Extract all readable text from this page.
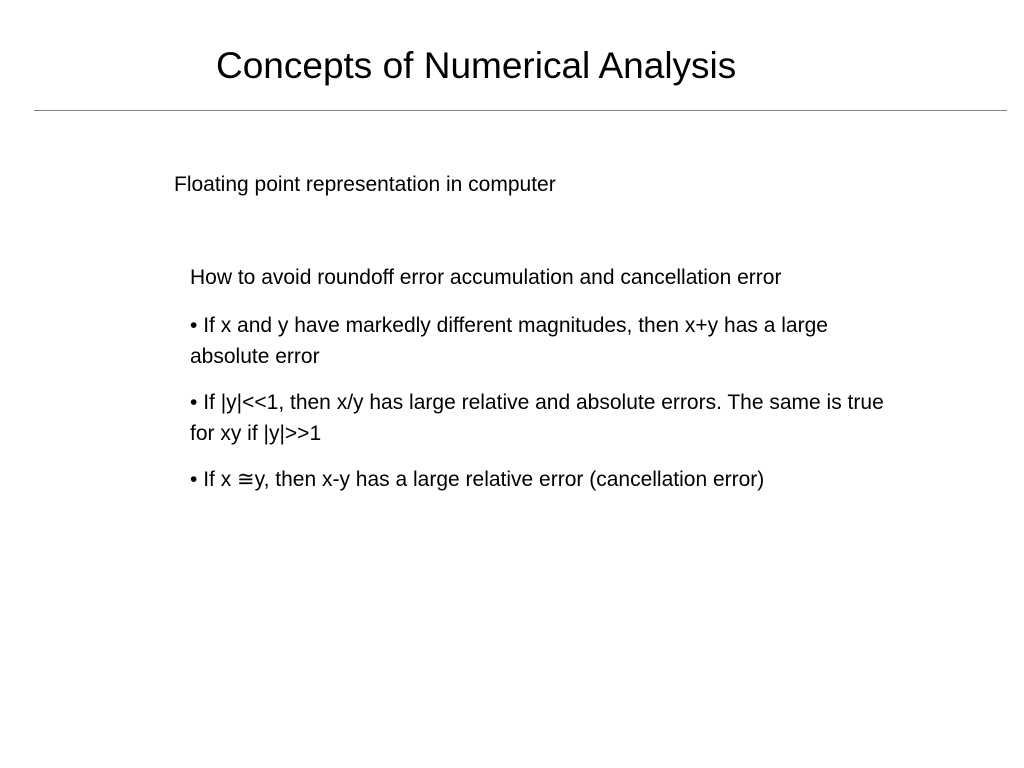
Concepts of Numerical Analysis
Floating point representation in computer

How to avoid roundoff error accumulation and cancellation error

• If x and y have markedly different magnitudes, then x+y has a large absolute error
• If |y|<<1, then x/y has large relative and absolute errors. The same is true for xy if |y|>>1
• If x ≅y, then x-y has a large relative error (cancellation error)
